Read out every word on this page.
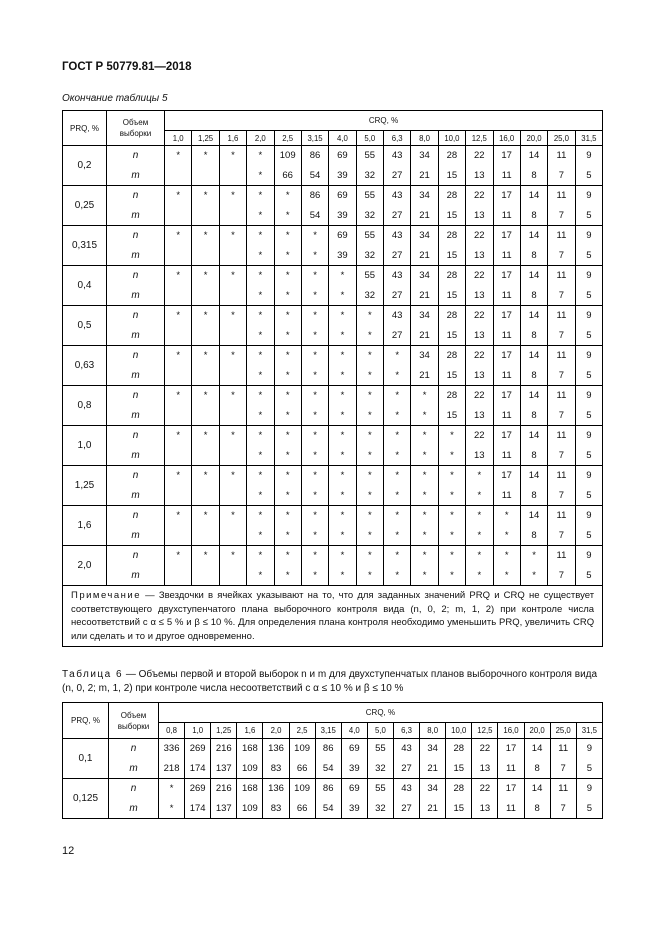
ГОСТ Р 50779.81—2018
Окончание таблицы 5
PRQ, %	Объем выборки	CRQ, %															
		1,0	1,25	1,6	2,0	2,5	3,15	4,0	5,0	6,3	8,0	10,0	12,5	16,0	20,0	25,0	31,5
0,2	n	*	*	*	*	109	86	69	55	43	34	28	22	17	14	11	9
	m				*	66	54	39	32	27	21	15	13	11	8	7	5
0,25	n	*	*	*	*	*	86	69	55	43	34	28	22	17	14	11	9
	m				*	*	54	39	32	27	21	15	13	11	8	7	5
0,315	n	*	*	*	*	*	*	69	55	43	34	28	22	17	14	11	9
	m				*	*	*	39	32	27	21	15	13	11	8	7	5
0,4	n	*	*	*	*	*	*	*	55	43	34	28	22	17	14	11	9
	m				*	*	*	*	32	27	21	15	13	11	8	7	5
0,5	n	*	*	*	*	*	*	*	*	43	34	28	22	17	14	11	9
	m				*	*	*	*	*	27	21	15	13	11	8	7	5
0,63	n	*	*	*	*	*	*	*	*	*	34	28	22	17	14	11	9
	m				*	*	*	*	*	*	21	15	13	11	8	7	5
0,8	n	*	*	*	*	*	*	*	*	*	*	28	22	17	14	11	9
	m				*	*	*	*	*	*	*	15	13	11	8	7	5
1,0	n	*	*	*	*	*	*	*	*	*	*	*	22	17	14	11	9
	m				*	*	*	*	*	*	*	*	13	11	8	7	5
1,25	n	*	*	*	*	*	*	*	*	*	*	*	*	17	14	11	9
	m				*	*	*	*	*	*	*	*	*	11	8	7	5
1,6	n	*	*	*	*	*	*	*	*	*	*	*	*	*	14	11	9
	m				*	*	*	*	*	*	*	*	*	*	8	7	5
2,0	n	*	*	*	*	*	*	*	*	*	*	*	*	*	*	11	9
	m				*	*	*	*	*	*	*	*	*	*	*	7	5
Примечание — Звездочки в ячейках указывают на то, что для заданных значений PRQ и CRQ не существует соответствующего двухступенчатого плана выборочного контроля вида (n, 0, 2; m, 1, 2) при контроле числа несоответствий с α ≤ 5 % и β ≤ 10 %. Для определения плана контроля необходимо уменьшить PRQ, увеличить CRQ или сделать и то и другое одновременно.																	
Таблица 6 — Объемы первой и второй выборок n и m для двухступенчатых планов выборочного контроля вида (n, 0, 2; m, 1, 2) при контроле числа несоответствий с α ≤ 10 % и β ≤ 10 %
PRQ, %	Объем выборки	CRQ, %																
		0,8	1,0	1,25	1,6	2,0	2,5	3,15	4,0	5,0	6,3	8,0	10,0	12,5	16,0	20,0	25,0	31,5
0,1	n	336	269	216	168	136	109	86	69	55	43	34	28	22	17	14	11	9
	m	218	174	137	109	83	66	54	39	32	27	21	15	13	11	8	7	5
0,125	n	*	269	216	168	136	109	86	69	55	43	34	28	22	17	14	11	9
	m	*	174	137	109	83	66	54	39	32	27	21	15	13	11	8	7	5
12
